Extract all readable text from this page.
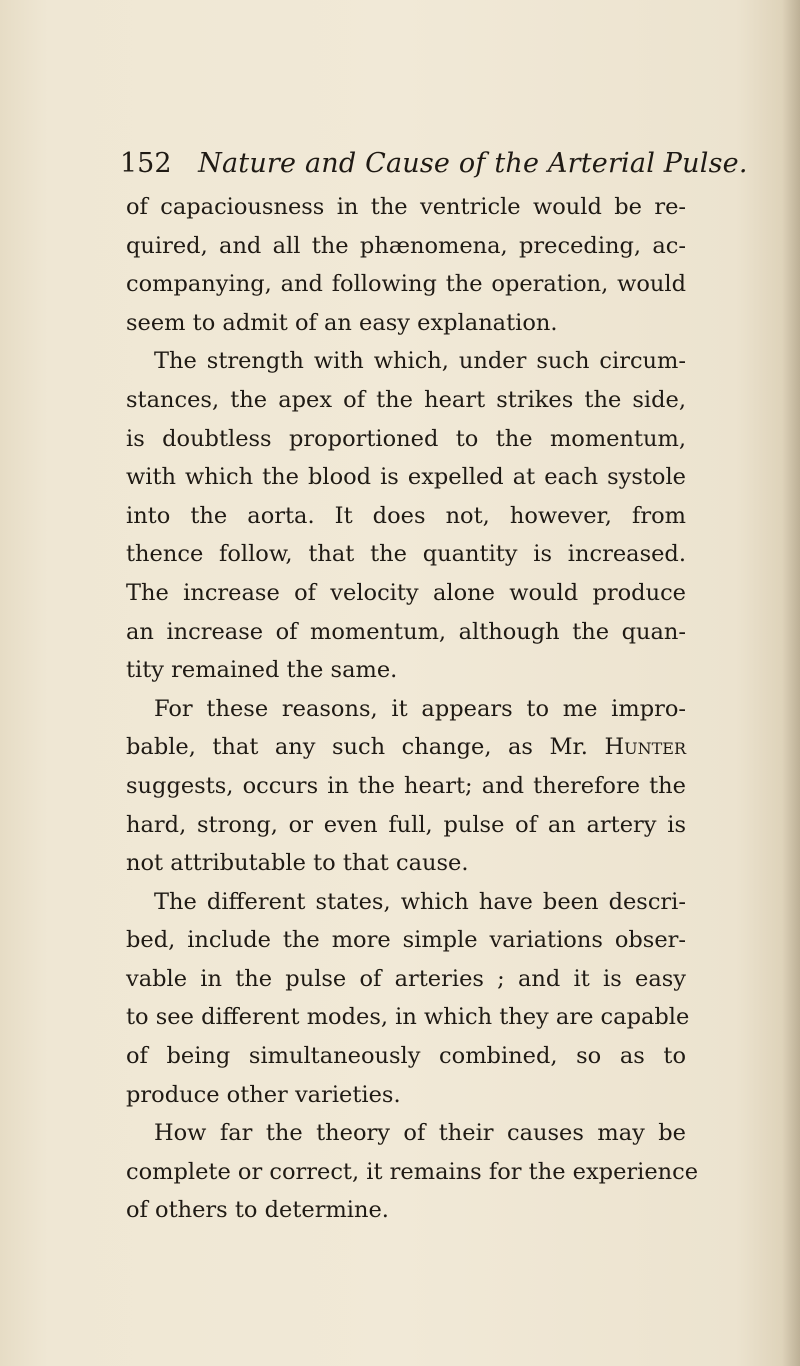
152 Nature and Cause of the Arterial Pulse.
of capaciousness in the ventricle would be re-
quired, and all the phænomena, preceding, ac-
companying, and following the operation, would
seem to admit of an easy explanation.
The strength with which, under such circum-
stances, the apex of the heart strikes the side,
is doubtless proportioned to the momentum,
with which the blood is expelled at each systole
into the aorta. It does not, however, from
thence follow, that the quantity is increased.
The increase of velocity alone would produce
an increase of momentum, although the quan-
tity remained the same.
For these reasons, it appears to me impro-
bable, that any such change, as Mr. Hunter
suggests, occurs in the heart; and therefore the
hard, strong, or even full, pulse of an artery is
not attributable to that cause.
The different states, which have been descri-
bed, include the more simple variations obser-
vable in the pulse of arteries ; and it is easy
to see different modes, in which they are capable
of being simultaneously combined, so as to
produce other varieties.
How far the theory of their causes may be
complete or correct, it remains for the experience
of others to determine.
